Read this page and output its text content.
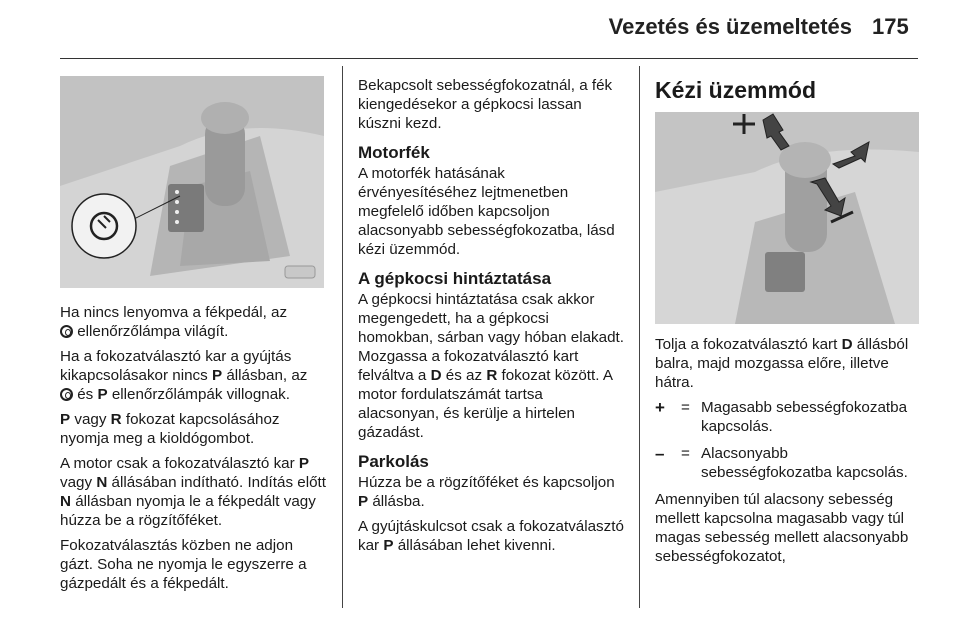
Vezetés és üzemeltetés 175

Ha nincs lenyomva a fékpedál, az
ellenőrzőlámpa világít.

Ha a fokozatválasztó kar a gyújtás kikapcsolásakor nincs P állásban, az
és P ellenőrzőlámpák villognak.

P vagy R fokozat kapcsolásához nyomja meg a kioldógombot.

A motor csak a fokozatválasztó kar P vagy N állásában indítható. Indítás előtt N állásban nyomja le a fékpedált vagy húzza be a rögzítőféket.

Fokozatválasztás közben ne adjon gázt. Soha ne nyomja le egyszerre a gázpedált és a fékpedált.

Bekapcsolt sebességfokozatnál, a fék kiengedésekor a gépkocsi lassan kúszni kezd.

Motorfék

A motorfék hatásának érvényesítéséhez lejtmenetben megfelelő időben kapcsoljon alacsonyabb sebességfokozatba, lásd kézi üzemmód.

A gépkocsi hintáztatása

A gépkocsi hintáztatása csak akkor megengedett, ha a gépkocsi homokban, sárban vagy hóban elakadt. Mozgassa a fokozatválasztó kart felváltva a D és az R fokozat között. A motor fordulatszámát tartsa alacsonyan, és kerülje a hirtelen gázadást.

Parkolás

Húzza be a rögzítőféket és kapcsoljon P állásba.

A gyújtáskulcsot csak a fokozatválasztó kar P állásában lehet kivenni.

Kézi üzemmód

Tolja a fokozatválasztó kart D állásból balra, majd mozgassa előre, illetve hátra.

+	= Magasabb sebességfokozatba kapcsolás.
–	= Alacsonyabb sebességfokozatba kapcsolás.

Amennyiben túl alacsony sebesség mellett kapcsolna magasabb vagy túl magas sebesség mellett alacsonyabb sebességfokozatot,
